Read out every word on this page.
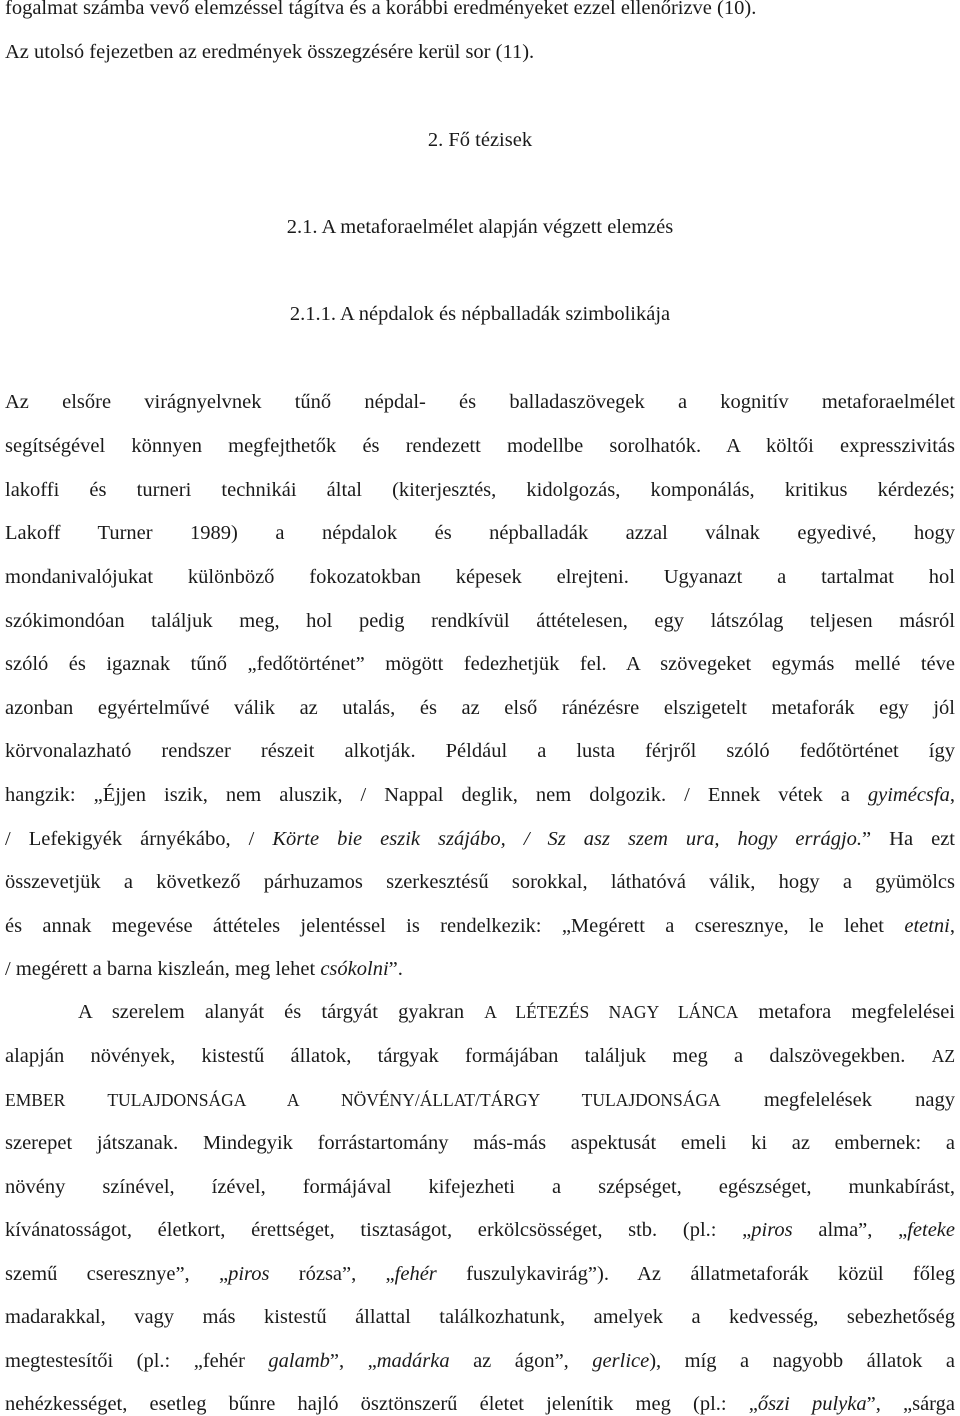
fogalmat számba vevő elemzéssel tágítva és a korábbi eredményeket ezzel ellenőrizve (10).
Az utolsó fejezetben az eredmények összegzésére kerül sor (11).
2. Fő tézisek
2.1. A metaforaelmélet alapján végzett elemzés
2.1.1. A népdalok és népballadák szimbolikája
Az elsőre virágnyelvnek tűnő népdal- és balladaszövegek a kognitív metaforaelmélet
segítségével könnyen megfejthetők és rendezett modellbe sorolhatók. A költői expresszivitás
lakoffi és turneri technikái által (kiterjesztés, kidolgozás, komponálás, kritikus kérdezés;
Lakoff Turner 1989) a népdalok és népballadák azzal válnak egyedivé, hogy
mondanivalójukat különböző fokozatokban képesek elrejteni. Ugyanazt a tartalmat hol
szókimondóan találjuk meg, hol pedig rendkívül áttételesen, egy látszólag teljesen másról
szóló és igaznak tűnő „fedőtörténet” mögött fedezhetjük fel. A szövegeket egymás mellé téve
azonban egyértelművé válik az utalás, és az első ránézésre elszigetelt metaforák egy jól
körvonalazható rendszer részeit alkotják. Például a lusta férjről szóló fedőtörténet így
hangzik: „Éjjen iszik, nem aluszik, / Nappal deglik, nem dolgozik. / Ennek vétek a gyimécsfa,
/ Lefekigyék árnyékábo, / Körte bie eszik szájábo, / Sz asz szem ura, hogy errágjo.” Ha ezt
összevetjük a következő párhuzamos szerkesztésű sorokkal, láthatóvá válik, hogy a gyümölcs
és annak megevése áttételes jelentéssel is rendelkezik: „Megérett a cseresznye, le lehet etetni,
/ megérett a barna kiszleán, meg lehet csókolni”.
A szerelem alanyát és tárgyát gyakran A LÉTEZÉS NAGY LÁNCA metafora megfelelései
alapján növények, kistestű állatok, tárgyak formájában találjuk meg a dalszövegekben. AZ
EMBER TULAJDONSÁGA A NÖVÉNY/ÁLLAT/TÁRGY TULAJDONSÁGA megfelelések nagy
szerepet játszanak. Mindegyik forrástartomány más-más aspektusát emeli ki az embernek: a
növény színével, ízével, formájával kifejezheti a szépséget, egészséget, munkabírást,
kívánatosságot, életkort, érettséget, tisztaságot, erkölcsösséget, stb. (pl.: „piros alma”, „feteke
szemű cseresznye”, „piros rózsa”, „fehér fuszulykavirág”). Az állatmetaforák közül főleg
madarakkal, vagy más kistestű állattal találkozhatunk, amelyek a kedvesség, sebezhetőség
megtestesítői (pl.: „fehér galamb”, „madárka az ágon”, gerlice), míg a nagyobb állatok a
nehézkességet, esetleg bűnre hajló ösztönszerű életet jelenítik meg (pl.: „őszi pulyka”, „sárga
